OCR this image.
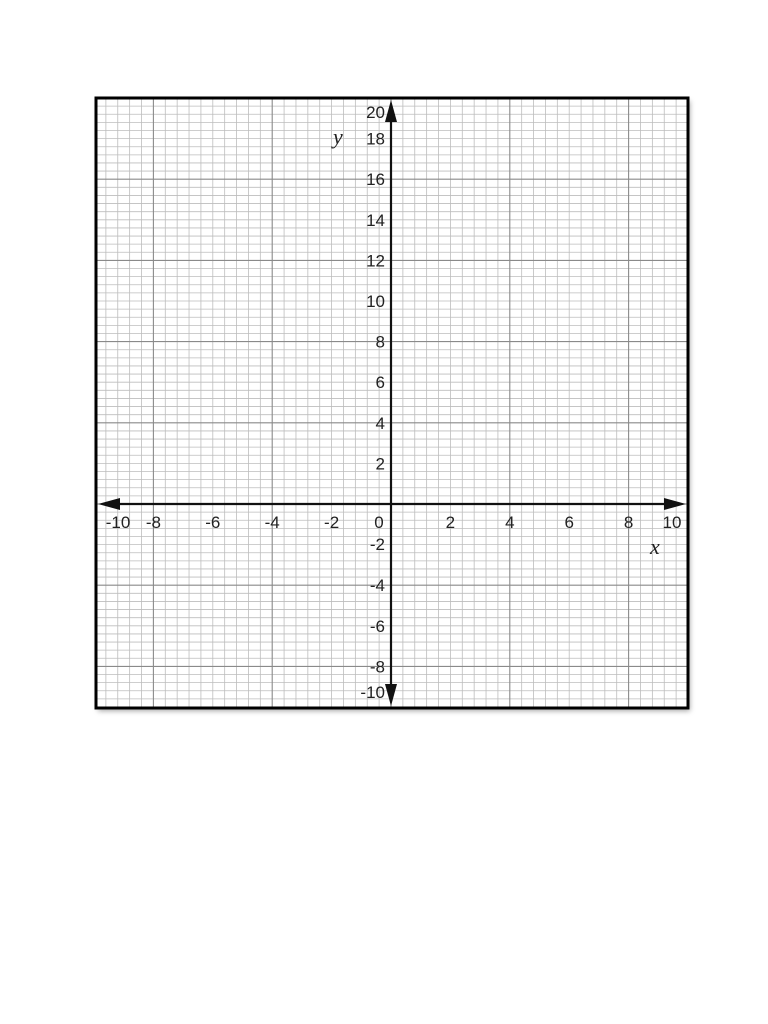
-10 -8	-6	-4	-2 0	2	4	6	8 10
2
4
6
8
10
12
14
16
18
20
-2
-4
-6
-8
-10
x
y
